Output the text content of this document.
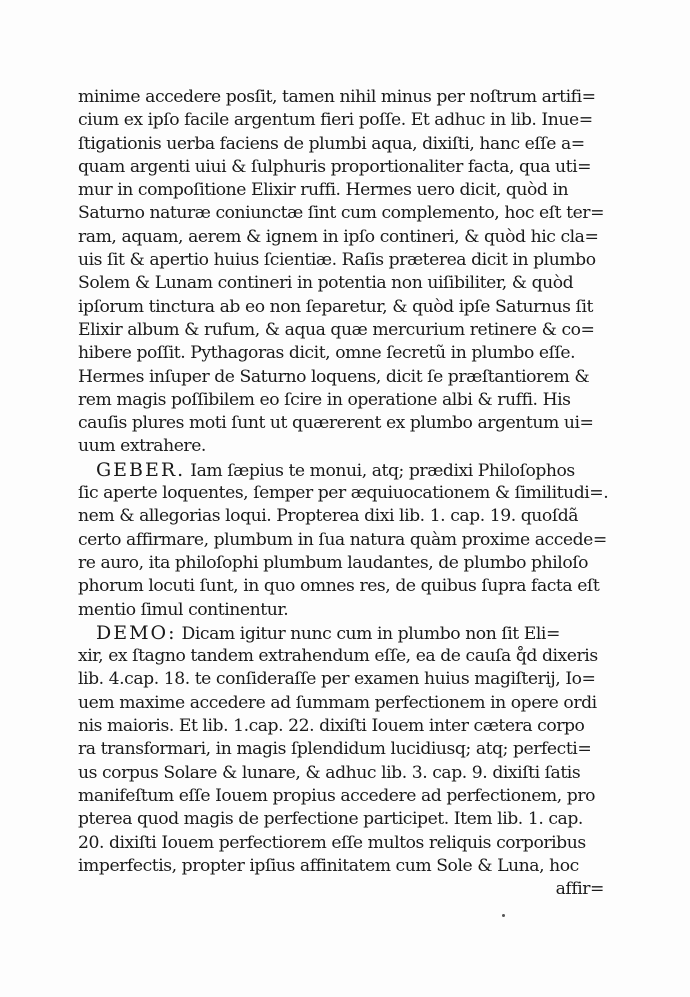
minime accedere posſit, tamen nihil minus per noſtrum artifi=
cium ex ipſo facile argentum fieri poſſe. Et adhuc in lib. Inue=
ſtigationis uerba faciens de plumbi aqua, dixiſti, hanc eſſe a=
quam argenti uiui & ſulphuris proportionaliter facta, qua uti=
mur in compoſitione Elixir ruffi. Hermes uero dicit, quòd in
Saturno naturæ coniunctæ ſint cum complemento, hoc eſt ter=
ram, aquam, aerem & ignem in ipſo contineri, & quòd hic cla=
uis ſit & apertio huius ſcientiæ. Raſis præterea dicit in plumbo
Solem & Lunam contineri in potentia non uiſibiliter, & quòd
ipſorum tinctura ab eo non ſeparetur, & quòd ipſe Saturnus ſit
Elixir album & rufum, & aqua quæ mercurium retinere & co=
hibere poſſit. Pythagoras dicit, omne ſecretũ in plumbo eſſe.
Hermes inſuper de Saturno loquens, dicit ſe præſtantiorem &
rem magis poſſibilem eo ſcire in operatione albi & ruffi. His
cauſis plures moti ſunt ut quærerent ex plumbo argentum ui=
uum extrahere.
GEBER. Iam ſæpius te monui, atq; prædixi Philoſophos
ſic aperte loquentes, ſemper per æquiuocationem & ſimilitudi=.
nem & allegorias loqui. Propterea dixi lib. 1. cap. 19. quoſdã
certo affirmare, plumbum in ſua natura quàm proxime accede=
re auro, ita philoſophi plumbum laudantes, de plumbo philoſo
phorum locuti ſunt, in quo omnes res, de quibus ſupra facta eſt
mentio ſimul continentur.
DEMO: Dicam igitur nunc cum in plumbo non ſit Eli=
xir, ex ſtagno tandem extrahendum eſſe, ea de cauſa q̊d dixeris
lib. 4.cap. 18. te conſideraſſe per examen huius magiſterij, Io=
uem maxime accedere ad ſummam perfectionem in opere ordi
nis maioris. Et lib. 1.cap. 22. dixiſti Iouem inter cætera corpo
ra transformari, in magis ſplendidum lucidiusq; atq; perfecti=
us corpus Solare & lunare, & adhuc lib. 3. cap. 9. dixiſti ſatis
manifeſtum eſſe Iouem propius accedere ad perfectionem, pro
pterea quod magis de perfectione participet. Item lib. 1. cap.
20. dixiſti Iouem perfectiorem eſſe multos reliquis corporibus
imperfectis, propter ipſius affinitatem cum Sole & Luna, hoc
affir=
